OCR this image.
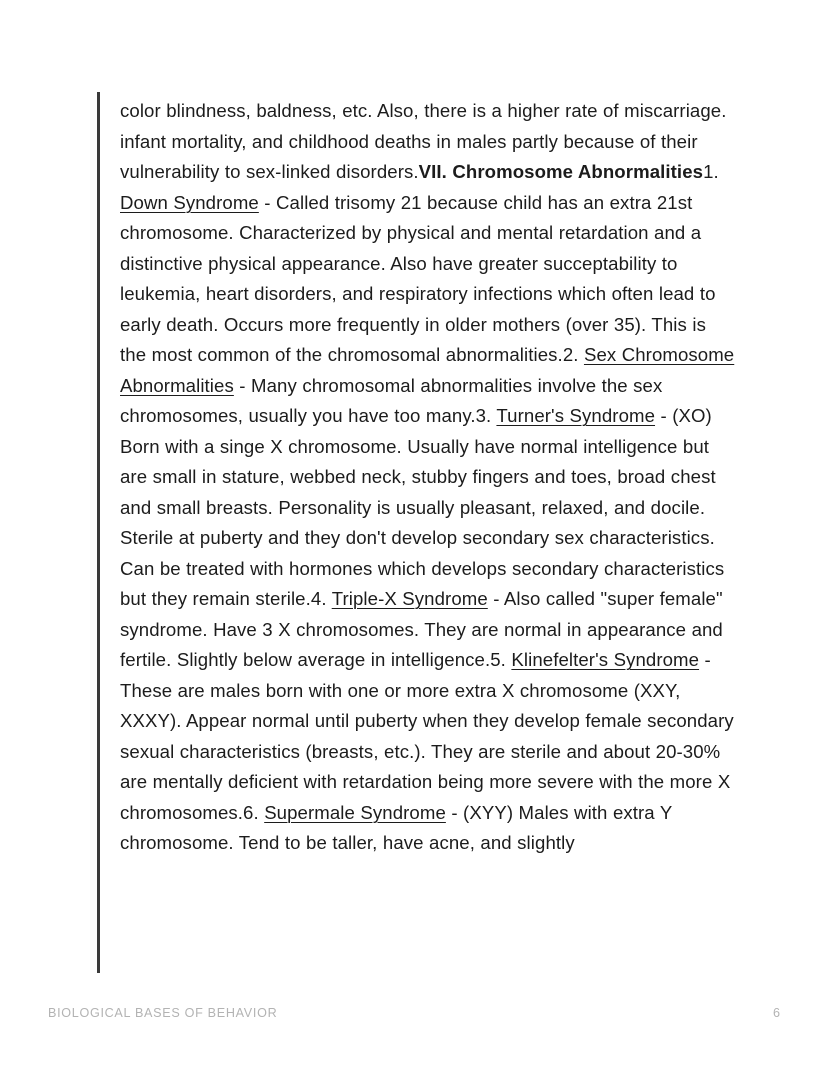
color blindness, baldness, etc. Also, there is a higher rate of miscarriage. infant mortality, and childhood deaths in males partly because of their vulnerability to sex-linked disorders.VII. Chromosome Abnormalities1. Down Syndrome - Called trisomy 21 because child has an extra 21st chromosome. Characterized by physical and mental retardation and a distinctive physical appearance. Also have greater succeptability to leukemia, heart disorders, and respiratory infections which often lead to early death. Occurs more frequently in older mothers (over 35). This is the most common of the chromosomal abnormalities.2. Sex Chromosome Abnormalities - Many chromosomal abnormalities involve the sex chromosomes, usually you have too many.3. Turner's Syndrome - (XO) Born with a singe X chromosome. Usually have normal intelligence but are small in stature, webbed neck, stubby fingers and toes, broad chest and small breasts. Personality is usually pleasant, relaxed, and docile. Sterile at puberty and they don't develop secondary sex characteristics. Can be treated with hormones which develops secondary characteristics but they remain sterile.4. Triple-X Syndrome - Also called "super female" syndrome. Have 3 X chromosomes. They are normal in appearance and fertile. Slightly below average in intelligence.5. Klinefelter's Syndrome - These are males born with one or more extra X chromosome (XXY, XXXY). Appear normal until puberty when they develop female secondary sexual characteristics (breasts, etc.). They are sterile and about 20-30% are mentally deficient with retardation being more severe with the more X chromosomes.6. Supermale Syndrome - (XYY) Males with extra Y chromosome. Tend to be taller, have acne, and slightly

BIOLOGICAL BASES OF BEHAVIOR	6
